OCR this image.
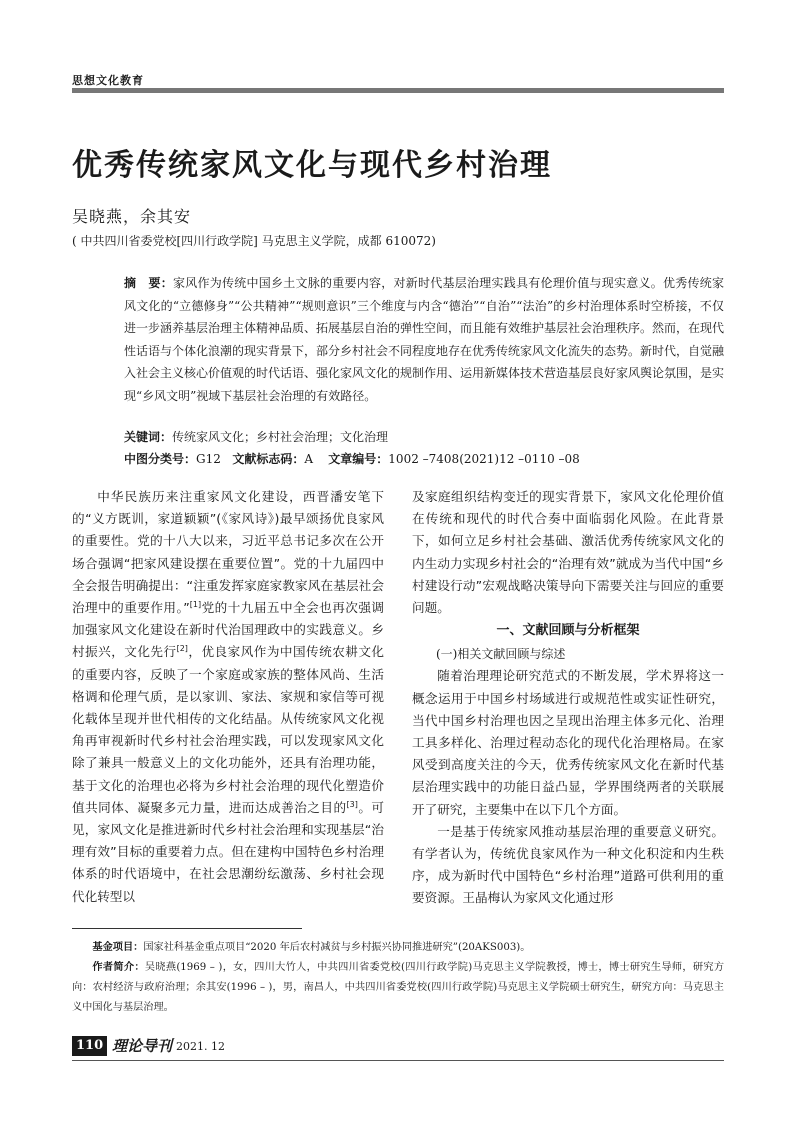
思想文化教育
优秀传统家风文化与现代乡村治理
吴晓燕，余其安
( 中共四川省委党校[四川行政学院] 马克思主义学院，成都 610072)
摘　要：家风作为传统中国乡土文脉的重要内容，对新时代基层治理实践具有伦理价值与现实意义。优秀传统家风文化的“立德修身”“公共精神”“规则意识”三个维度与内含“德治”“自治”“法治”的乡村治理体系时空桥接，不仅进一步涵养基层治理主体精神品质、拓展基层自治的弹性空间，而且能有效维护基层社会治理秩序。然而，在现代性话语与个体化浪潮的现实背景下，部分乡村社会不同程度地存在优秀传统家风文化流失的态势。新时代，自觉融入社会主义核心价值观的时代话语、强化家风文化的规制作用、运用新媒体技术营造基层良好家风舆论氛围，是实现“乡风文明”视域下基层社会治理的有效路径。
关键词：传统家风文化；乡村社会治理；文化治理
中图分类号：G12 文献标志码：A 文章编号：1002 –7408(2021)12 –0110 –08

中华民族历来注重家风文化建设，西晋潘安笔下的“义方既训，家道颖颖”(《家风诗》)最早颂扬优良家风的重要性。党的十八大以来，习近平总书记多次在公开场合强调“把家风建设摆在重要位置”。党的十九届四中全会报告明确提出：“注重发挥家庭家教家风在基层社会治理中的重要作用。”[1]党的十九届五中全会也再次强调加强家风文化建设在新时代治国理政中的实践意义。乡村振兴，文化先行[2]，优良家风作为中国传统农耕文化的重要内容，反映了一个家庭或家族的整体风尚、生活格调和伦理气质，是以家训、家法、家规和家信等可视化载体呈现并世代相传的文化结晶。从传统家风文化视角再审视新时代乡村社会治理实践，可以发现家风文化除了兼具一般意义上的文化功能外，还具有治理功能，基于文化的治理也必将为乡村社会治理的现代化塑造价值共同体、凝聚多元力量，进而达成善治之目的[3]。可见，家风文化是推进新时代乡村社会治理和实现基层“治理有效”目标的重要着力点。但在建构中国特色乡村治理体系的时代语境中，在社会思潮纷纭激荡、乡村社会现代化转型以

及家庭组织结构变迁的现实背景下，家风文化伦理价值在传统和现代的时代合奏中面临弱化风险。在此背景下，如何立足乡村社会基础、激活优秀传统家风文化的内生动力实现乡村社会的“治理有效”就成为当代中国“乡村建设行动”宏观战略决策导向下需要关注与回应的重要问题。

一、文献回顾与分析框架
(一)相关文献回顾与综述

随着治理理论研究范式的不断发展，学术界将这一概念运用于中国乡村场域进行或规范性或实证性研究，当代中国乡村治理也因之呈现出治理主体多元化、治理工具多样化、治理过程动态化的现代化治理格局。在家风受到高度关注的今天，优秀传统家风文化在新时代基层治理实践中的功能日益凸显，学界围绕两者的关联展开了研究，主要集中在以下几个方面。

一是基于传统家风推动基层治理的重要意义研究。有学者认为，传统优良家风作为一种文化积淀和内生秩序，成为新时代中国特色“乡村治理”道路可供利用的重要资源。王晶梅认为家风文化通过形

基金项目：国家社科基金重点项目“2020 年后农村减贫与乡村振兴协同推进研究”(20AKS003)。

作者简介：吴晓燕(1969 – )，女，四川大竹人，中共四川省委党校(四川行政学院)马克思主义学院教授，博士，博士研究生导师，研究方向：农村经济与政府治理；余其安(1996 – )，男，南昌人，中共四川省委党校(四川行政学院)马克思主义学院硕士研究生，研究方向：马克思主义中国化与基层治理。

110 理论导刊 2021. 12
